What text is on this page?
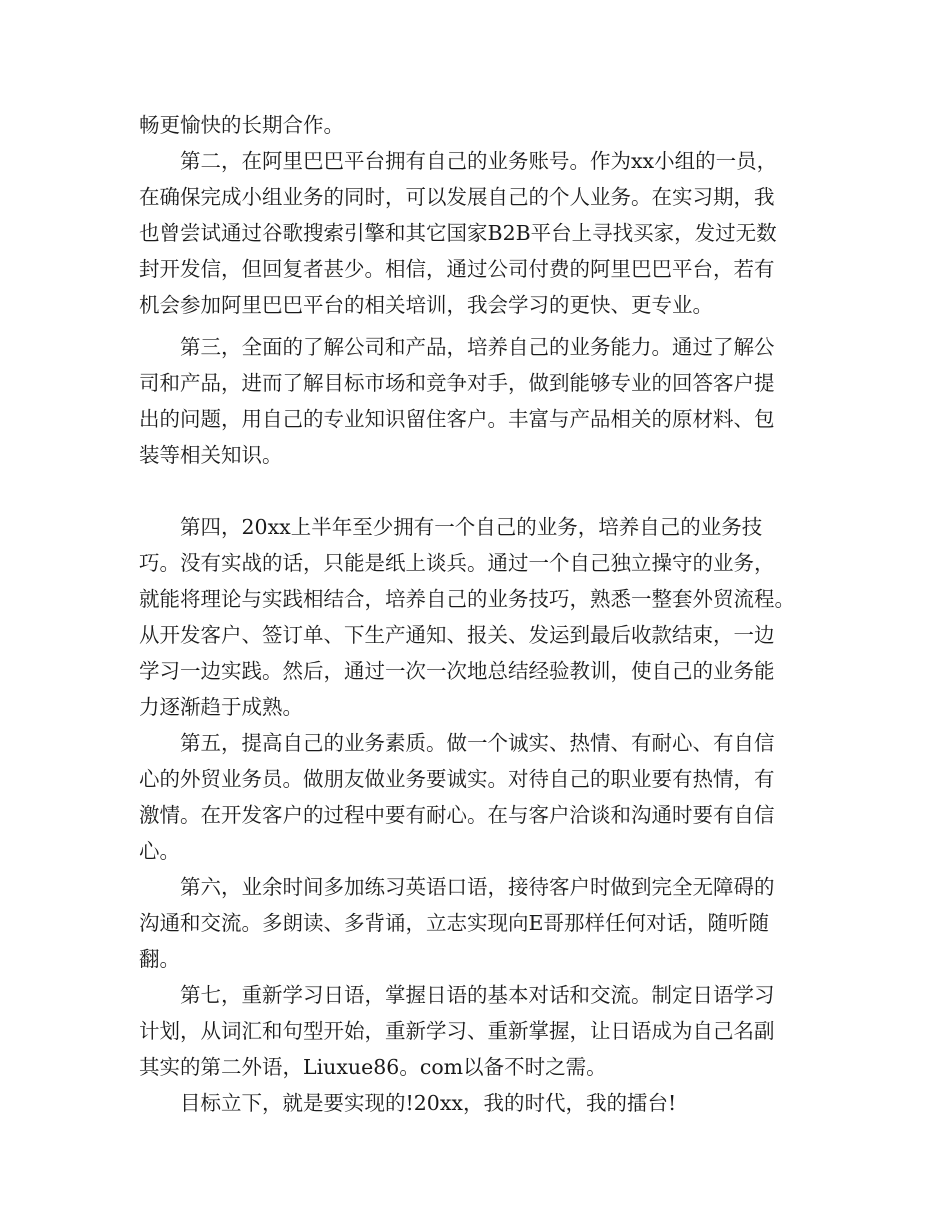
畅更愉快的长期合作。
第二，在阿里巴巴平台拥有自己的业务账号。作为xx小组的一员，
在确保完成小组业务的同时，可以发展自己的个人业务。在实习期，我
也曾尝试通过谷歌搜索引擎和其它国家B2B平台上寻找买家，发过无数
封开发信，但回复者甚少。相信，通过公司付费的阿里巴巴平台，若有
机会参加阿里巴巴平台的相关培训，我会学习的更快、更专业。
第三，全面的了解公司和产品，培养自己的业务能力。通过了解公
司和产品，进而了解目标市场和竞争对手，做到能够专业的回答客户提
出的问题，用自己的专业知识留住客户。丰富与产品相关的原材料、包
装等相关知识。
第四，20xx上半年至少拥有一个自己的业务，培养自己的业务技
巧。没有实战的话，只能是纸上谈兵。通过一个自己独立操守的业务，
就能将理论与实践相结合，培养自己的业务技巧，熟悉一整套外贸流程。
从开发客户、签订单、下生产通知、报关、发运到最后收款结束，一边
学习一边实践。然后，通过一次一次地总结经验教训，使自己的业务能
力逐渐趋于成熟。
第五，提高自己的业务素质。做一个诚实、热情、有耐心、有自信
心的外贸业务员。做朋友做业务要诚实。对待自己的职业要有热情，有
激情。在开发客户的过程中要有耐心。在与客户洽谈和沟通时要有自信
心。
第六，业余时间多加练习英语口语，接待客户时做到完全无障碍的
沟通和交流。多朗读、多背诵，立志实现向E哥那样任何对话，随听随
翻。
第七，重新学习日语，掌握日语的基本对话和交流。制定日语学习
计划，从词汇和句型开始，重新学习、重新掌握，让日语成为自己名副
其实的第二外语，Liuxue86。com以备不时之需。
目标立下，就是要实现的!20xx，我的时代，我的擂台!
